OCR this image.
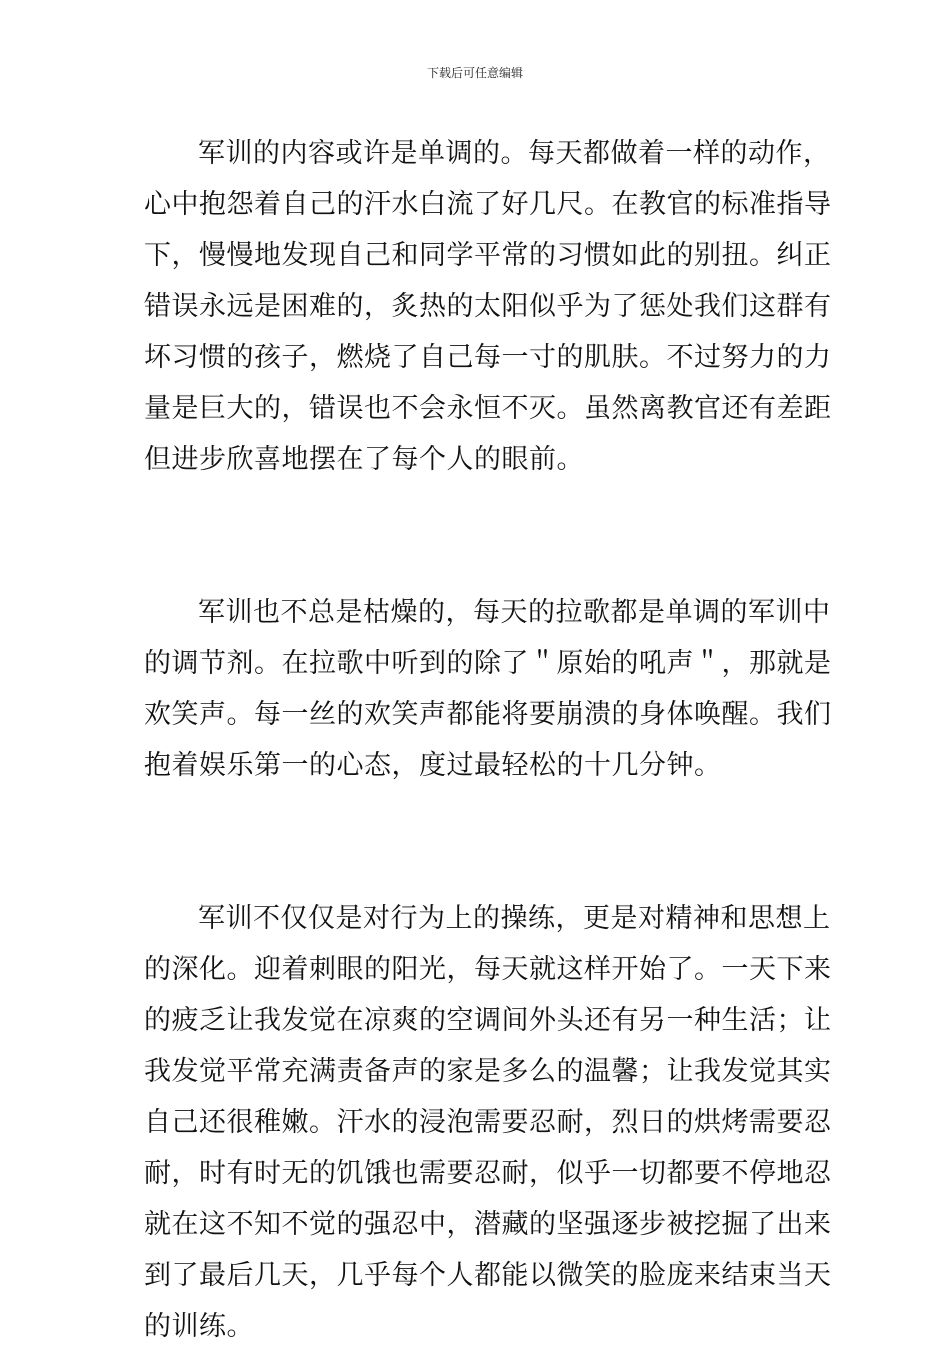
下载后可任意编辑
军训的内容或许是单调的。每天都做着一样的动作，
心中抱怨着自己的汗水白流了好几尺。在教官的标准指导
下，慢慢地发现自己和同学平常的习惯如此的别扭。纠正
错误永远是困难的，炙热的太阳似乎为了惩处我们这群有
坏习惯的孩子，燃烧了自己每一寸的肌肤。不过努力的力
量是巨大的，错误也不会永恒不灭。虽然离教官还有差距
但进步欣喜地摆在了每个人的眼前。
军训也不总是枯燥的，每天的拉歌都是单调的军训中
的调节剂。在拉歌中听到的除了＂原始的吼声＂，那就是
欢笑声。每一丝的欢笑声都能将要崩溃的身体唤醒。我们
抱着娱乐第一的心态，度过最轻松的十几分钟。
军训不仅仅是对行为上的操练，更是对精神和思想上
的深化。迎着刺眼的阳光，每天就这样开始了。一天下来
的疲乏让我发觉在凉爽的空调间外头还有另一种生活；让
我发觉平常充满责备声的家是多么的温馨；让我发觉其实
自己还很稚嫩。汗水的浸泡需要忍耐，烈日的烘烤需要忍
耐，时有时无的饥饿也需要忍耐，似乎一切都要不停地忍
就在这不知不觉的强忍中，潜藏的坚强逐步被挖掘了出来
到了最后几天，几乎每个人都能以微笑的脸庞来结束当天
的训练。
